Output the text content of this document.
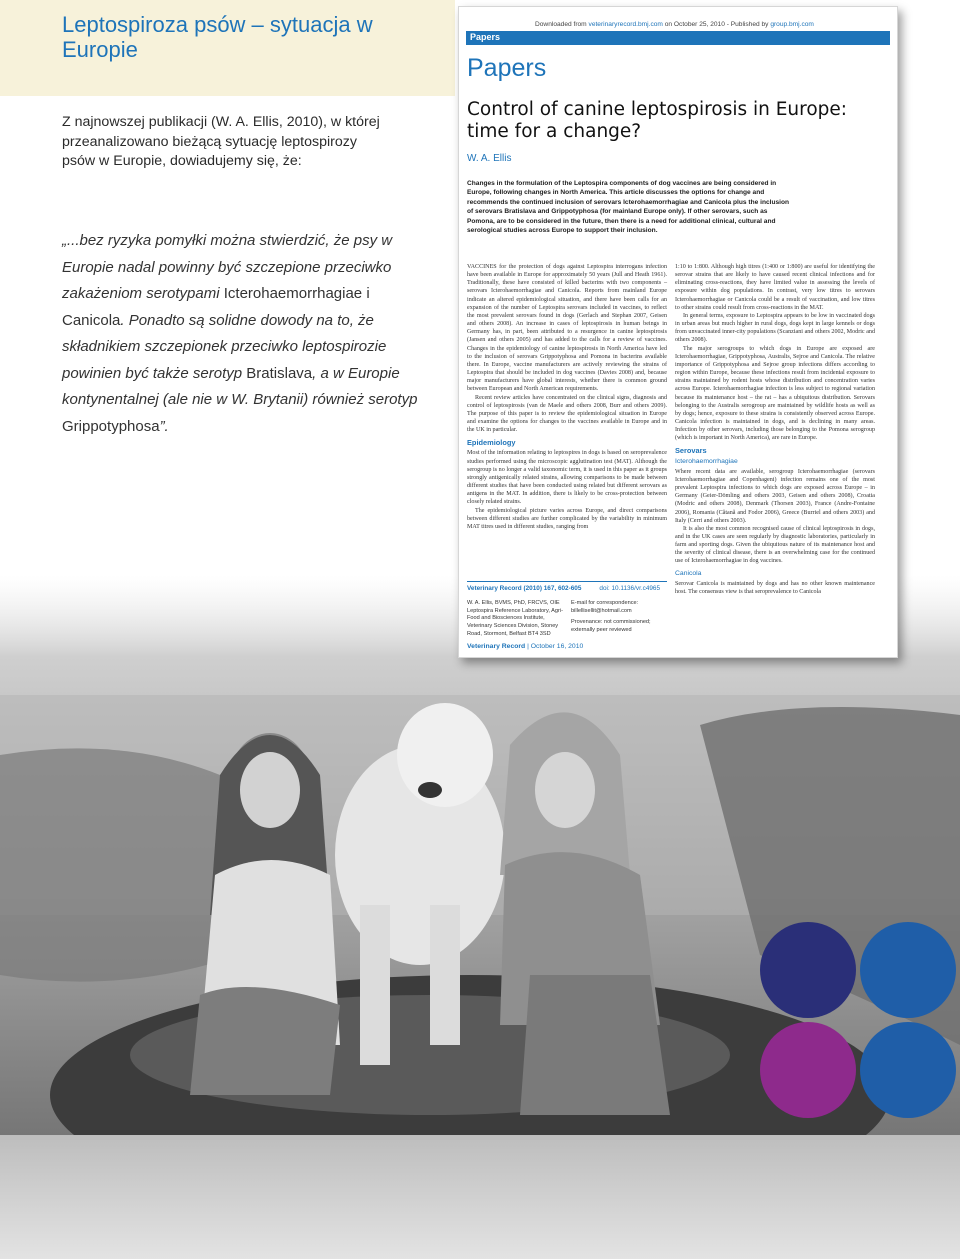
Leptospiroza psów – sytuacja w Europie

Z najnowszej publikacji (W. A. Ellis, 2010), w której przeanalizowano bieżącą sytuację leptospirozy psów w Europie, dowiadujemy się, że:

„...bez ryzyka pomyłki można stwierdzić, że psy w Europie nadal powinny być szczepione przeciwko zakażeniom serotypami Icterohaemorrhagiae i Canicola. Ponadto są solidne dowody na to, że składnikiem szczepionek przeciwko leptospirozie powinien być także serotyp Bratislava, a w Europie kontynentalnej (ale nie w W. Brytanii) również serotyp Grippotyphosa”.

Downloaded from veterinaryrecord.bmj.com on October 25, 2010 - Published by group.bmj.com
Papers
Papers
Control of canine leptospirosis in Europe: time for a change?
W. A. Ellis

Changes in the formulation of the Leptospira components of dog vaccines are being considered in Europe, following changes in North America. This article discusses the options for change and recommends the continued inclusion of serovars Icterohaemorrhagiae and Canicola plus the inclusion of serovars Bratislava and Grippotyphosa (for mainland Europe only). If other serovars, such as Pomona, are to be considered in the future, then there is a need for additional clinical, cultural and serological studies across Europe to support their inclusion.

VACCINES for the protection of dogs against Leptospira interrogans infection have been available in Europe for approximately 50 years (Jull and Heath 1961). Traditionally, these have consisted of killed bacterins with two components – serovars Icterohaemorrhagiae and Canicola. Reports from mainland Europe indicate an altered epidemiological situation, and there have been calls for an expansion of the number of Leptospira serovars included in vaccines, to reflect the most prevalent serovars found in dogs (Gerlach and Stephan 2007, Geisen and others 2008). An increase in cases of leptospirosis in human beings in Germany has, in part, been attributed to a resurgence in canine leptospirosis (Jansen and others 2005) and has added to the calls for a review of vaccines. Changes in the epidemiology of canine leptospirosis in North America have led to the inclusion of serovars Grippotyphosa and Pomona in bacterins available there. In Europe, vaccine manufacturers are actively reviewing the strains of Leptospira that should be included in dog vaccines (Davies 2008) and, because major manufacturers have global interests, whether there is common ground between European and North American requirements.

Recent review articles have concentrated on the clinical signs, diagnosis and control of leptospirosis (van de Maele and others 2008, Burr and others 2009). The purpose of this paper is to review the epidemiological situation in Europe and examine the options for changes to the vaccines available in Europe and in the UK in particular.

Epidemiology

Most of the information relating to leptospires in dogs is based on seroprevalence studies performed using the microscopic agglutination test (MAT). Although the serogroup is no longer a valid taxonomic term, it is used in this paper as it groups strongly antigenically related strains, allowing comparisons to be made between different studies that have been conducted using related but different serovars as antigens in the MAT. In addition, there is likely to be cross-protection between closely related strains.

The epidemiological picture varies across Europe, and direct comparisons between different studies are further complicated by the variability in minimum MAT titres used in different studies, ranging from

1:10 to 1:800. Although high titres (1:400 or 1:800) are useful for identifying the serovar strains that are likely to have caused recent clinical infections and for eliminating cross-reactions, they have limited value in assessing the levels of exposure within dog populations. In contrast, very low titres to serovars Icterohaemorrhagiae or Canicola could be a result of vaccination, and low titres to other strains could result from cross-reactions in the MAT.

In general terms, exposure to Leptospira appears to be low in vaccinated dogs in urban areas but much higher in rural dogs, dogs kept in large kennels or dogs from unvaccinated inner-city populations (Scanziani and others 2002, Modric and others 2008).

The major serogroups to which dogs in Europe are exposed are Icterohaemorrhagiae, Grippotyphosa, Australis, Sejroe and Canicola. The relative importance of Grippotyphosa and Sejroe group infections differs according to region within Europe, because these infections result from incidental exposure to strains maintained by rodent hosts whose distribution and concentration varies across Europe. Icterohaemorrhagiae infection is less subject to regional variation because its maintenance host – the rat – has a ubiquitous distribution. Serovars belonging to the Australis serogroup are maintained by wildlife hosts as well as by dogs; hence, exposure to these strains is consistently observed across Europe. Canicola infection is maintained in dogs, and is declining in many areas. Infection by other serovars, including those belonging to the Pomona serogroup (which is important in North America), are rare in Europe.

Serovars
Icterohaemorrhagiae

Where recent data are available, serogroup Icterohaemorrhagiae (serovars Icterohaemorrhagiae and Copenhageni) infection remains one of the most prevalent Leptospira infections to which dogs are exposed across Europe – in Germany (Geier-Dömling and others 2003, Geisen and others 2008), Croatia (Modric and others 2008), Denmark (Thorsen 2003), France (Andre-Fontaine 2006), Romania (Cătană and Fodor 2006), Greece (Burriel and others 2003) and Italy (Cerri and others 2003).

It is also the most common recognised cause of clinical leptospirosis in dogs, and in the UK cases are seen regularly by diagnostic laboratories, particularly in farm and sporting dogs. Given the ubiquitous nature of its maintenance host and the severity of clinical disease, there is an overwhelming case for the continued use of Icterohaemorrhagiae in dog vaccines.

Canicola

Serovar Canicola is maintained by dogs and has no other known maintenance host. The consensus view is that seroprevalence to Canicola

Veterinary Record (2010) 167, 602-605	doi: 10.1136/vr.c4965
W. A. Ellis, BVMS, PhD, FRCVS, OIE Leptospira Reference Laboratory, Agri-Food and Biosciences Institute, Veterinary Sciences Division, Stoney Road, Stormont, Belfast BT4 3SD
E-mail for correspondence: billellisellit@hotmail.com
Provenance: not commissioned; externally peer reviewed
Veterinary Record | October 16, 2010
